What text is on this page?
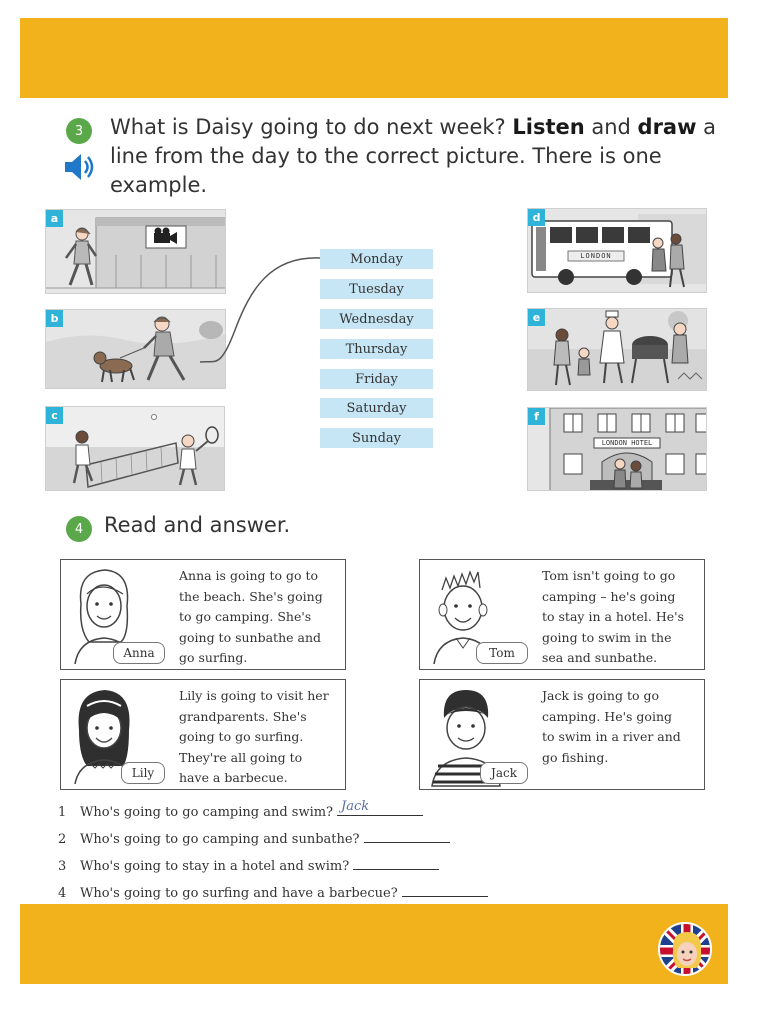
3	What is Daisy going to do next week? Listen and draw a line from the day to the correct picture. There is one example.
a
b
c
Monday
Tuesday
Wednesday
Thursday
Friday
Saturday
Sunday
d
LONDON
e
f
LONDON HOTEL
4 Read and answer.
Anna
Anna is going to go to
the beach. She's going
to go camping. She's
going to sunbathe and
go surfing.	Tom
Tom isn't going to go
camping – he's going
to stay in a hotel. He's
going to swim in the
sea and sunbathe.
Lily
Lily is going to visit her
grandparents. She's
going to go surfing.
They're all going to
have a barbecue.	Jack
Jack is going to go
camping. He's going
to swim in a river and
go fishing.
1 Who's going to go camping and swim? Jack
2 Who's going to go camping and sunbathe?
3 Who's going to stay in a hotel and swim?
4 Who's going to go surfing and have a barbecue?
